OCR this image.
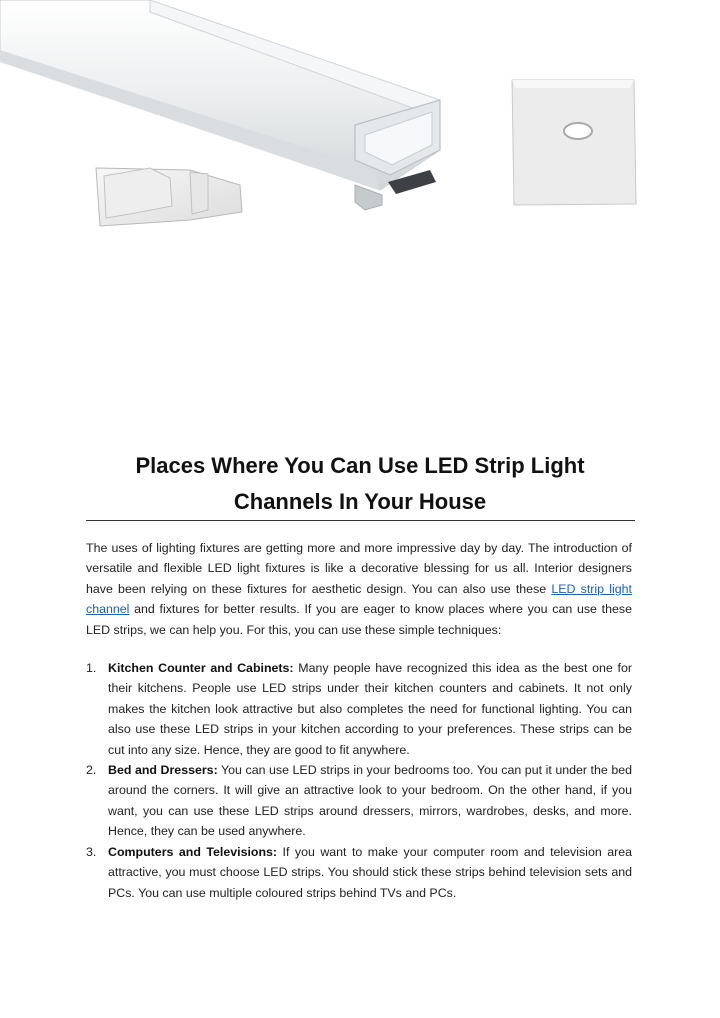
Places Where You Can Use LED Strip Light
Channels In Your House

The uses of lighting fixtures are getting more and more impressive day by day. The introduction of versatile and flexible LED light fixtures is like a decorative blessing for us all. Interior designers have been relying on these fixtures for aesthetic design. You can also use these LED strip light channel and fixtures for better results. If you are eager to know places where you can use these LED strips, we can help you. For this, you can use these simple techniques:

1. Kitchen Counter and Cabinets: Many people have recognized this idea as the best one for their kitchens. People use LED strips under their kitchen counters and cabinets. It not only makes the kitchen look attractive but also completes the need for functional lighting. You can also use these LED strips in your kitchen according to your preferences. These strips can be cut into any size. Hence, they are good to fit anywhere.
2. Bed and Dressers: You can use LED strips in your bedrooms too. You can put it under the bed around the corners. It will give an attractive look to your bedroom. On the other hand, if you want, you can use these LED strips around dressers, mirrors, wardrobes, desks, and more. Hence, they can be used anywhere.
3. Computers and Televisions: If you want to make your computer room and television area attractive, you must choose LED strips. You should stick these strips behind television sets and PCs. You can use multiple coloured strips behind TVs and PCs.
